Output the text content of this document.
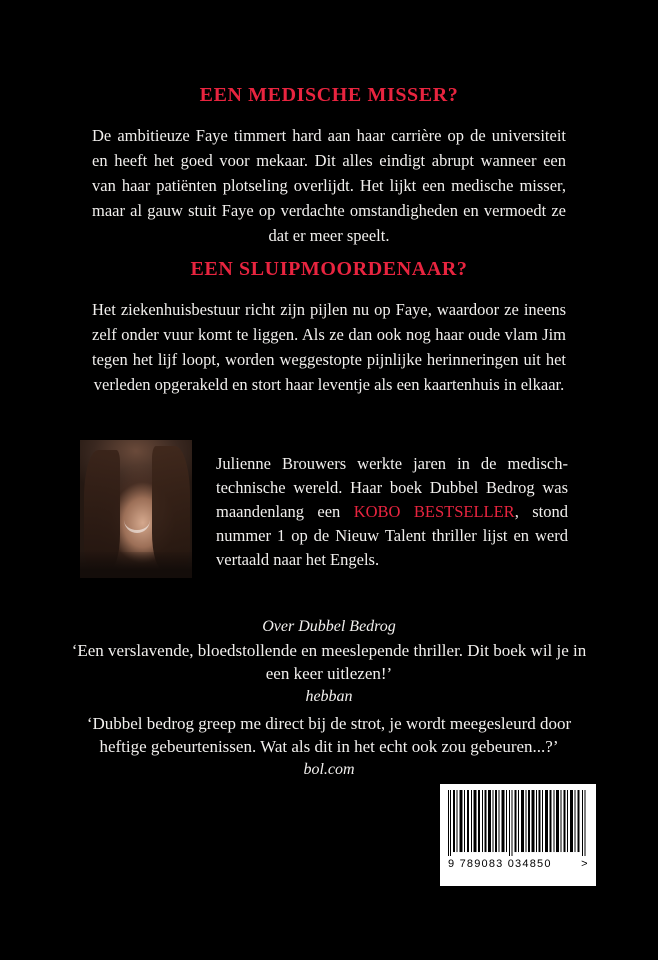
EEN MEDISCHE MISSER?
De ambitieuze Faye timmert hard aan haar carrière op de universiteit en heeft het goed voor mekaar. Dit alles eindigt abrupt wanneer een van haar patiënten plotseling overlijdt. Het lijkt een medische misser, maar al gauw stuit Faye op verdachte omstandigheden en vermoedt ze dat er meer speelt.
EEN SLUIPMOORDENAAR?
Het ziekenhuisbestuur richt zijn pijlen nu op Faye, waardoor ze ineens zelf onder vuur komt te liggen. Als ze dan ook nog haar oude vlam Jim tegen het lijf loopt, worden weggestopte pijnlijke herinneringen uit het verleden opgerakeld en stort haar leventje als een kaartenhuis in elkaar.
Julienne Brouwers werkte jaren in de medisch-technische wereld. Haar boek Dubbel Bedrog was maandenlang een KOBO BESTSELLER, stond nummer 1 op de Nieuw Talent thriller lijst en werd vertaald naar het Engels.
Over Dubbel Bedrog
‘Een verslavende, bloedstollende en meeslepende thriller. Dit boek wil je in een keer uitlezen!’
hebban
‘Dubbel bedrog greep me direct bij de strot, je wordt meegesleurd door heftige gebeurtenissen. Wat als dit in het echt ook zou gebeuren...?’
bol.com
9 789083 034850	>
